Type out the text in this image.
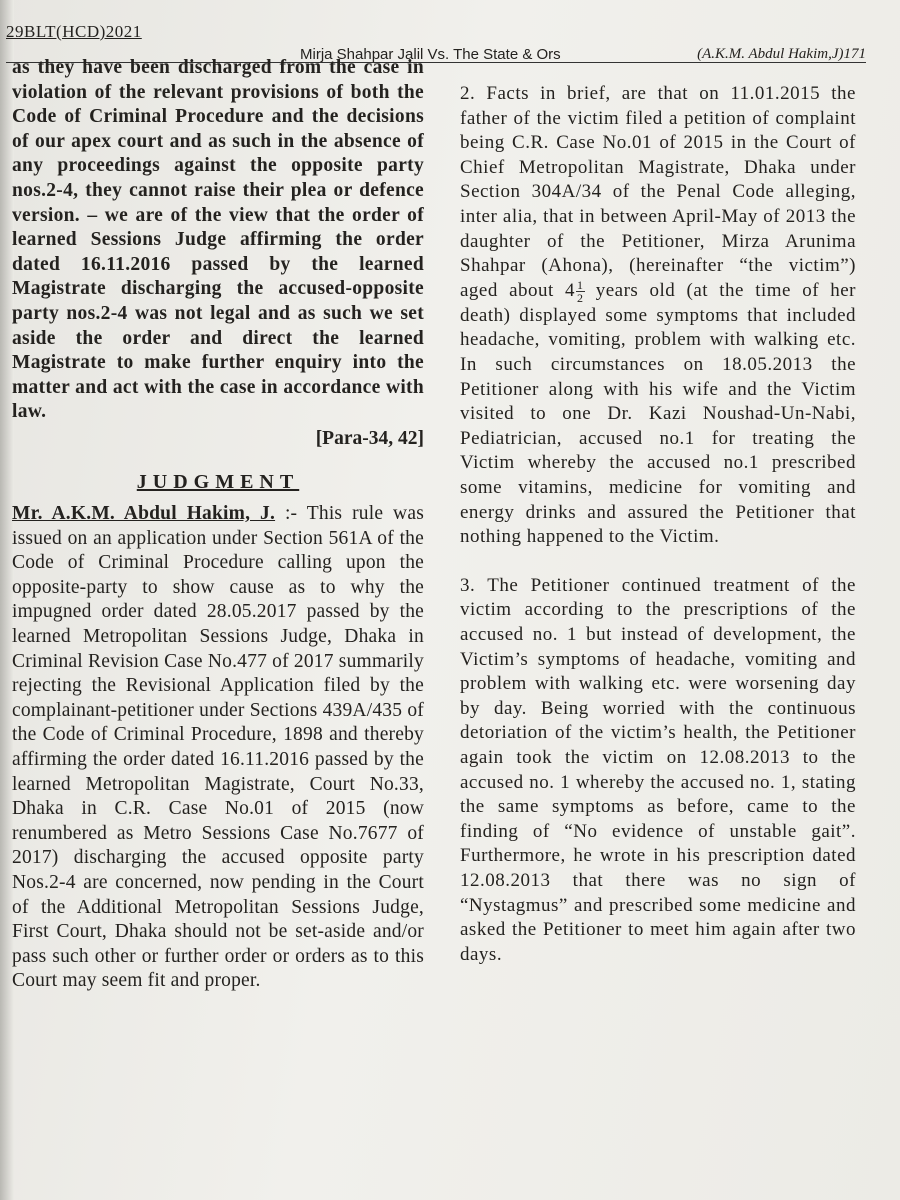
29BLT(HCD)2021
Mirja Shahpar Jalil Vs. The State & Ors	(A.K.M. Abdul Hakim,J)171
as they have been discharged from the case in violation of the relevant provisions of both the Code of Criminal Procedure and the decisions of our apex court and as such in the absence of any proceedings against the opposite party nos.2-4, they cannot raise their plea or defence version. – we are of the view that the order of learned Sessions Judge affirming the order dated 16.11.2016 passed by the learned Magistrate discharging the accused-opposite party nos.2-4 was not legal and as such we set aside the order and direct the learned Magistrate to make further enquiry into the matter and act with the case in accordance with law.
[Para-34, 42]
JUDGMENT
Mr. A.K.M. Abdul Hakim, J. :- This rule was issued on an application under Section 561A of the Code of Criminal Procedure calling upon the opposite-party to show cause as to why the impugned order dated 28.05.2017 passed by the learned Metropolitan Sessions Judge, Dhaka in Criminal Revision Case No.477 of 2017 summarily rejecting the Revisional Application filed by the complainant-petitioner under Sections 439A/435 of the Code of Criminal Procedure, 1898 and thereby affirming the order dated 16.11.2016 passed by the learned Metropolitan Magistrate, Court No.33, Dhaka in C.R. Case No.01 of 2015 (now renumbered as Metro Sessions Case No.7677 of 2017) discharging the accused opposite party Nos.2-4 are concerned, now pending in the Court of the Additional Metropolitan Sessions Judge, First Court, Dhaka should not be set-aside and/or pass such other or further order or orders as to this Court may seem fit and proper.
2. Facts in brief, are that on 11.01.2015 the father of the victim filed a petition of complaint being C.R. Case No.01 of 2015 in the Court of Chief Metropolitan Magistrate, Dhaka under Section 304A/34 of the Penal Code alleging, inter alia, that in between April-May of 2013 the daughter of the Petitioner, Mirza Arunima Shahpar (Ahona), (hereinafter “the victim”) aged about $4 \frac{1}{2}$ years old (at the time of her death) displayed some symptoms that included headache, vomiting, problem with walking etc. In such circumstances on 18.05.2013 the Petitioner along with his wife and the Victim visited to one Dr. Kazi Noushad-Un-Nabi, Pediatrician, accused no.1 for treating the Victim whereby the accused no.1 prescribed some vitamins, medicine for vomiting and energy drinks and assured the Petitioner that nothing happened to the Victim.
3. The Petitioner continued treatment of the victim according to the prescriptions of the accused no. 1 but instead of development, the Victim’s symptoms of headache, vomiting and problem with walking etc. were worsening day by day. Being worried with the continuous detoriation of the victim’s health, the Petitioner again took the victim on 12.08.2013 to the accused no. 1 whereby the accused no. 1, stating the same symptoms as before, came to the finding of “No evidence of unstable gait”. Furthermore, he wrote in his prescription dated 12.08.2013 that there was no sign of “Nystagmus” and prescribed some medicine and asked the Petitioner to meet him again after two days.
